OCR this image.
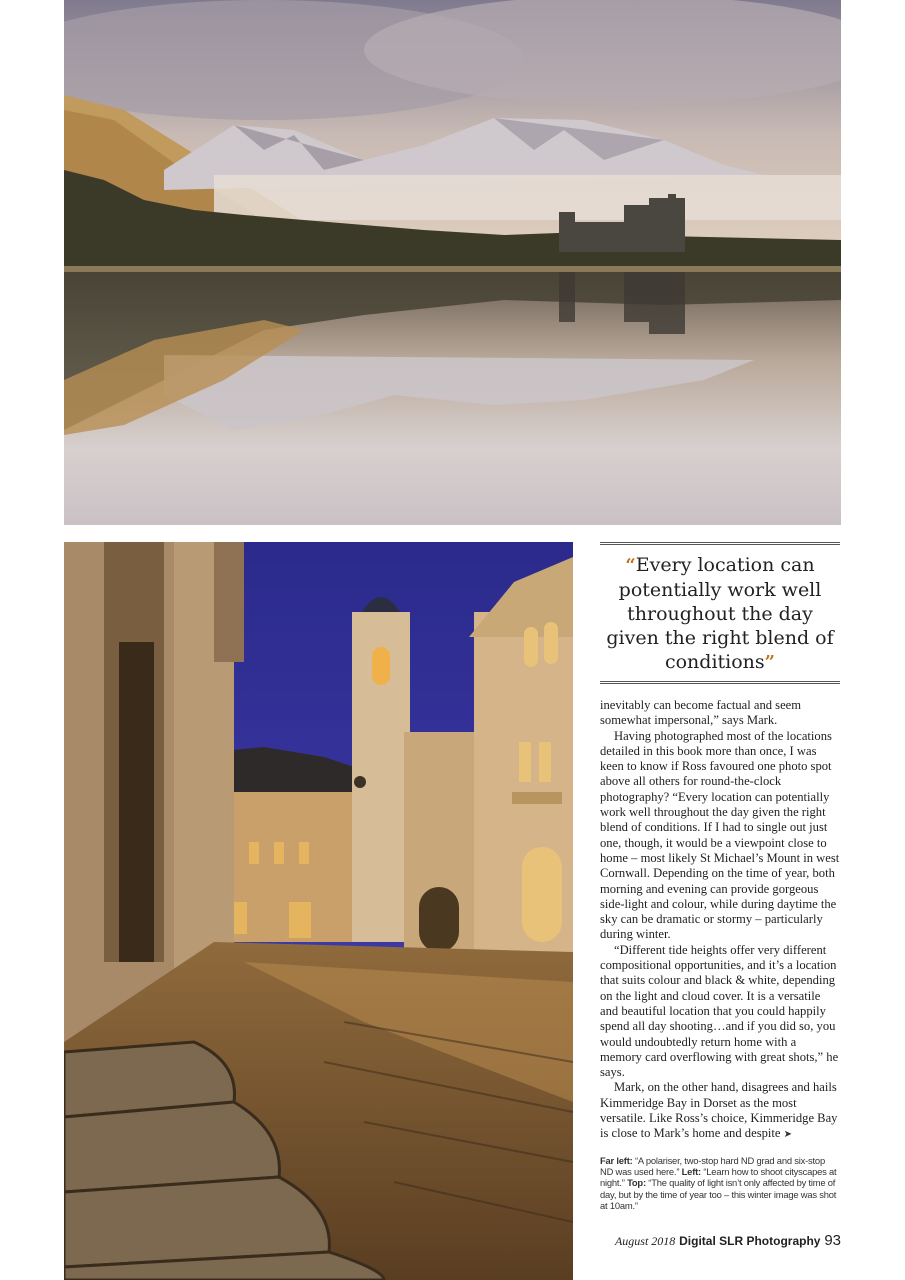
“Every location can potentially work well throughout the day given the right blend of conditions”

inevitably can become factual and seem somewhat impersonal,” says Mark.

Having photographed most of the locations detailed in this book more than once, I was keen to know if Ross favoured one photo spot above all others for round-the-clock photography? “Every location can potentially work well throughout the day given the right blend of conditions. If I had to single out just one, though, it would be a viewpoint close to home – most likely St Michael’s Mount in west Cornwall. Depending on the time of year, both morning and evening can provide gorgeous side-light and colour, while during daytime the sky can be dramatic or stormy – particularly during winter.

“Different tide heights offer very different compositional opportunities, and it’s a location that suits colour and black & white, depending on the light and cloud cover. It is a versatile and beautiful location that you could happily spend all day shooting…and if you did so, you would undoubtedly return home with a memory card overflowing with great shots,” he says.

Mark, on the other hand, disagrees and hails Kimmeridge Bay in Dorset as the most versatile. Like Ross’s choice, Kimmeridge Bay is close to Mark’s home and despite ➤

Far left: “A polariser, two-stop hard ND grad and six-stop ND was used here.” Left: “Learn how to shoot cityscapes at night.” Top: “The quality of light isn’t only affected by time of day, but by the time of year too – this winter image was shot at 10am.”
August 2018 Digital SLR Photography 93
